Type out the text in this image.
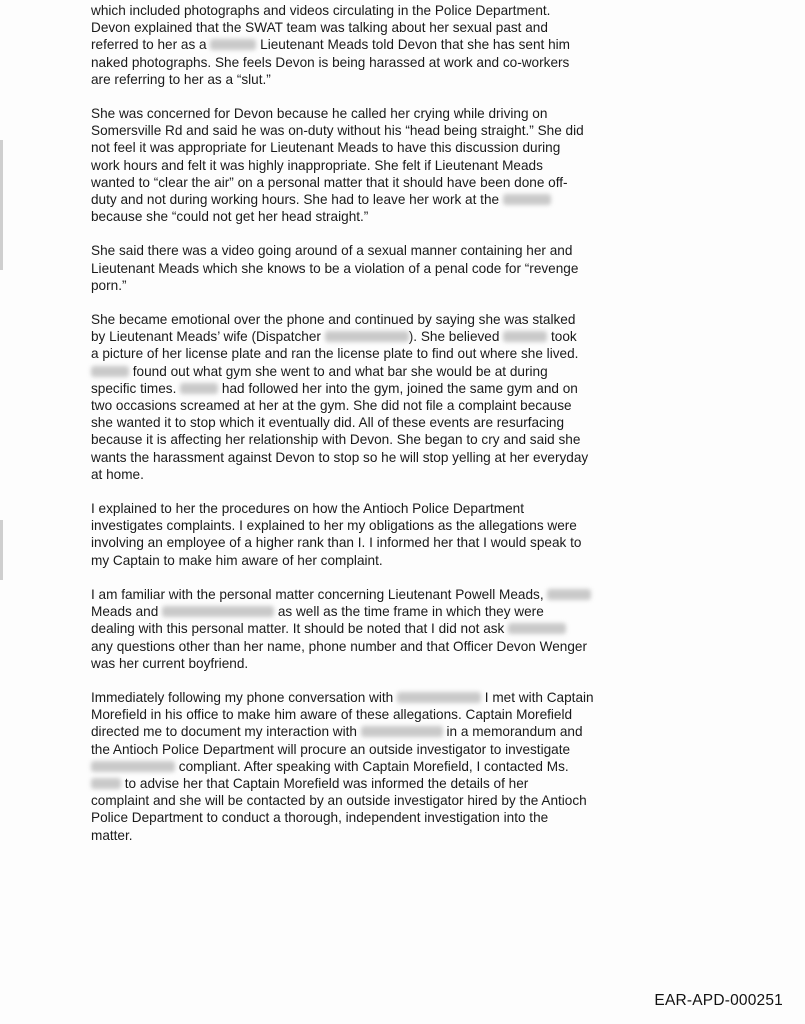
which included photographs and videos circulating in the Police Department.
Devon explained that the SWAT team was talking about her sexual past and
referred to her as a	Lieutenant Meads told Devon that she has sent him
naked photographs. She feels Devon is being harassed at work and co-workers
are referring to her as a “slut.”
She was concerned for Devon because he called her crying while driving on
Somersville Rd and said he was on-duty without his “head being straight.” She did
not feel it was appropriate for Lieutenant Meads to have this discussion during
work hours and felt it was highly inappropriate. She felt if Lieutenant Meads
wanted to “clear the air” on a personal matter that it should have been done off-
duty and not during working hours. She had to leave her work at the
because she “could not get her head straight.”
She said there was a video going around of a sexual manner containing her and
Lieutenant Meads which she knows to be a violation of a penal code for “revenge
porn.”
She became emotional over the phone and continued by saying she was stalked
by Lieutenant Meads’ wife (Dispatcher	). She believed	took
a picture of her license plate and ran the license plate to find out where she lived.
found out what gym she went to and what bar she would be at during
specific times.	had followed her into the gym, joined the same gym and on
two occasions screamed at her at the gym. She did not file a complaint because
she wanted it to stop which it eventually did. All of these events are resurfacing
because it is affecting her relationship with Devon. She began to cry and said she
wants the harassment against Devon to stop so he will stop yelling at her everyday
at home.
I explained to her the procedures on how the Antioch Police Department
investigates complaints. I explained to her my obligations as the allegations were
involving an employee of a higher rank than I. I informed her that I would speak to
my Captain to make him aware of her complaint.
I am familiar with the personal matter concerning Lieutenant Powell Meads,
Meads and	as well as the time frame in which they were
dealing with this personal matter. It should be noted that I did not ask
any questions other than her name, phone number and that Officer Devon Wenger
was her current boyfriend.
Immediately following my phone conversation with	I met with Captain
Morefield in his office to make him aware of these allegations. Captain Morefield
directed me to document my interaction with	in a memorandum and
the Antioch Police Department will procure an outside investigator to investigate
compliant. After speaking with Captain Morefield, I contacted Ms.
to advise her that Captain Morefield was informed the details of her
complaint and she will be contacted by an outside investigator hired by the Antioch
Police Department to conduct a thorough, independent investigation into the
matter.
EAR-APD-000251
